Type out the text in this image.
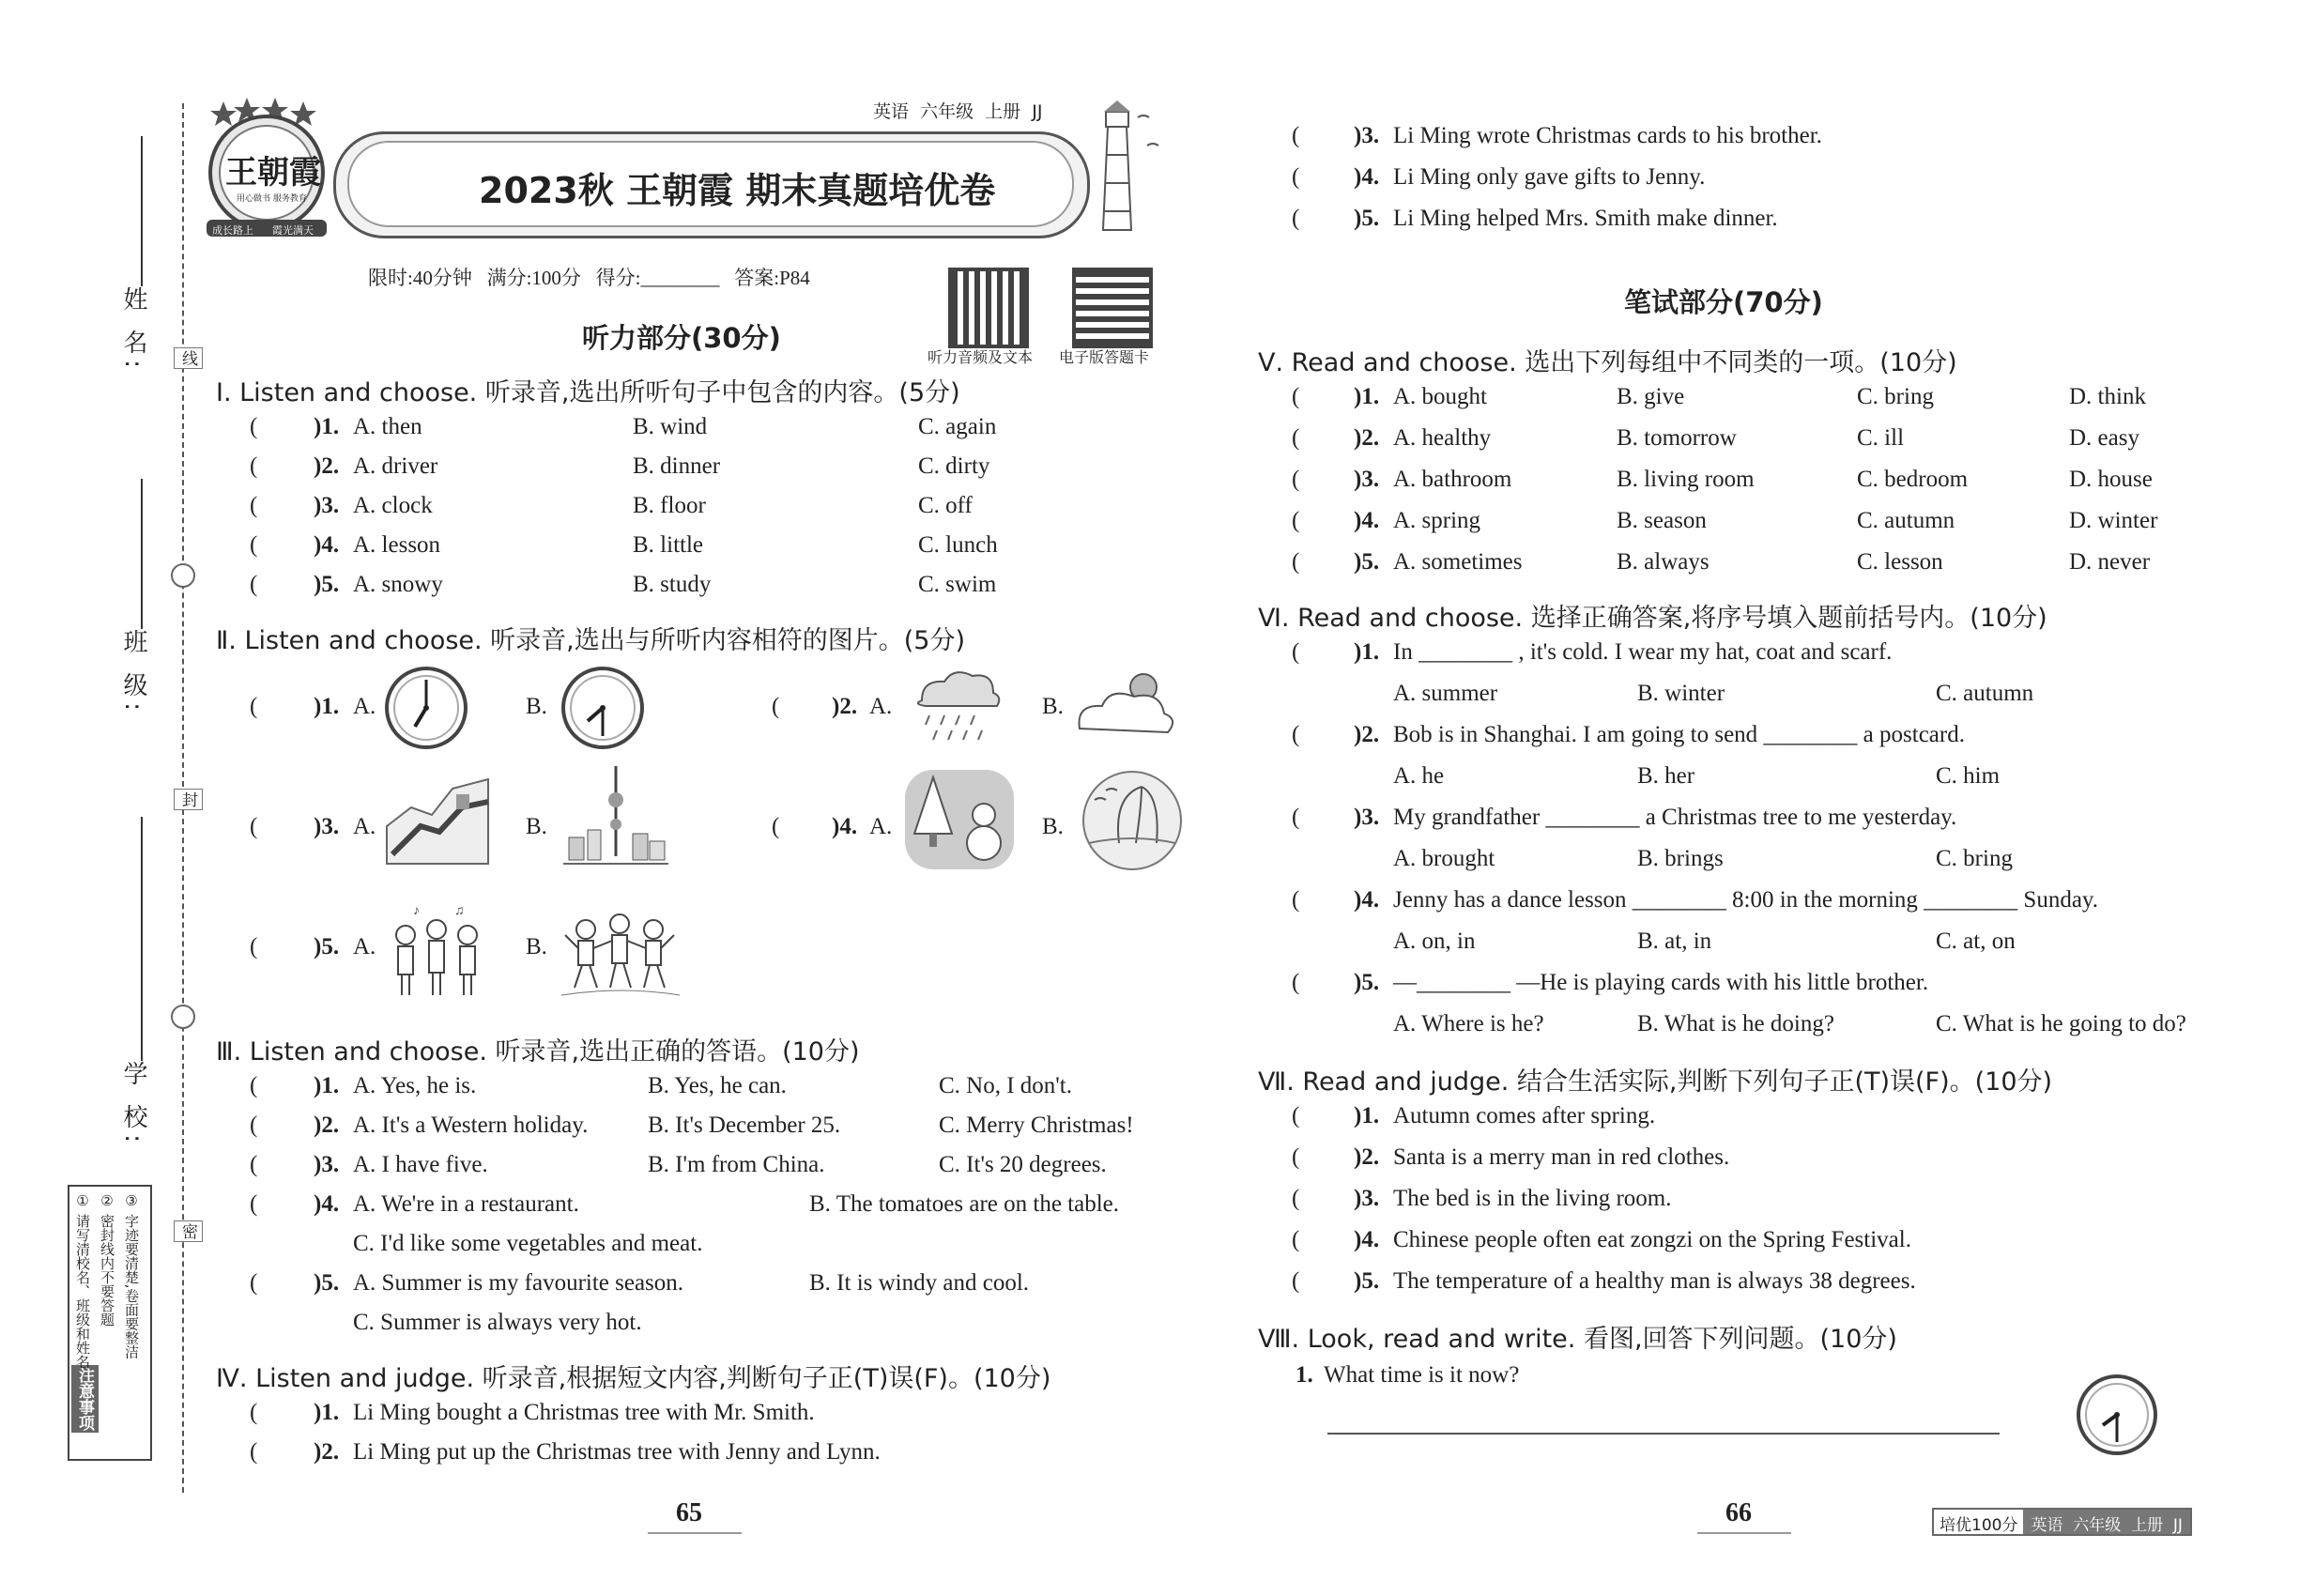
姓 名:
班 级:
学 校:
线
封
密
注意事项
① 请写清校名、班级和姓名 ② 密封线内不要答题 ③ 字迹要清楚,卷面要整洁
英语  六年级  上册  JJ
王朝霞
用心做书 服务教育
成长路上 霞光满天
2023秋 王朝霞 期末真题培优卷
限时:40分钟   满分:100分   得分:________   答案:P84
听力音频及文本 电子版答题卡
听力部分(30分)
Ⅰ. Listen and choose. 听录音,选出所听句子中包含的内容。(5分)
( )1. A. then	B. wind	C. again
( )2. A. driver	B. dinner	C. dirty
( )3. A. clock	B. floor	C. off
( )4. A. lesson	B. little	C. lunch
( )5. A. snowy	B. study	C. swim
Ⅱ. Listen and choose. 听录音,选出与所听内容相符的图片。(5分)
( )1. A.	B.	( )2. A.	B.
( )3. A.	B.	( )4. A.	B.
( )5. A.
♪	♫
B.
Ⅲ. Listen and choose. 听录音,选出正确的答语。(10分)
( )1. A. Yes, he is.	B. Yes, he can.	C. No, I don't.
( )2. A. It's a Western holiday.	B. It's December 25.	C. Merry Christmas!
( )3. A. I have five.	B. I'm from China.	C. It's 20 degrees.
( )4. A. We're in a restaurant.	B. The tomatoes are on the table.
C. I'd like some vegetables and meat.
( )5. A. Summer is my favourite season.	B. It is windy and cool.
C. Summer is always very hot.
Ⅳ. Listen and judge. 听录音,根据短文内容,判断句子正(T)误(F)。(10分)
( )1. Li Ming bought a Christmas tree with Mr. Smith.
( )2. Li Ming put up the Christmas tree with Jenny and Lynn.
65
( )3. Li Ming wrote Christmas cards to his brother.
( )4. Li Ming only gave gifts to Jenny.
( )5. Li Ming helped Mrs. Smith make dinner.
笔试部分(70分)
Ⅴ. Read and choose. 选出下列每组中不同类的一项。(10分)
( )1. A. bought	B. give	C. bring	D. think
( )2. A. healthy	B. tomorrow	C. ill	D. easy
( )3. A. bathroom	B. living room	C. bedroom	D. house
( )4. A. spring	B. season	C. autumn	D. winter
( )5. A. sometimes	B. always	C. lesson	D. never
Ⅵ. Read and choose. 选择正确答案,将序号填入题前括号内。(10分)
( )1. In ________ , it's cold. I wear my hat, coat and scarf.
A. summer	B. winter	C. autumn
( )2. Bob is in Shanghai. I am going to send ________ a postcard.
A. he	B. her	C. him
( )3. My grandfather ________ a Christmas tree to me yesterday.
A. brought	B. brings	C. bring
( )4. Jenny has a dance lesson ________ 8:00 in the morning ________ Sunday.
A. on, in	B. at, in	C. at, on
( )5. —________ —He is playing cards with his little brother.
A. Where is he?	B. What is he doing?	C. What is he going to do?
Ⅶ. Read and judge. 结合生活实际,判断下列句子正(T)误(F)。(10分)
( )1. Autumn comes after spring.
( )2. Santa is a merry man in red clothes.
( )3. The bed is in the living room.
( )4. Chinese people often eat zongzi on the Spring Festival.
( )5. The temperature of a healthy man is always 38 degrees.
Ⅷ. Look, read and write. 看图,回答下列问题。(10分)
1. What time is it now?
66	培优100分 英语  六年级  上册  JJ
